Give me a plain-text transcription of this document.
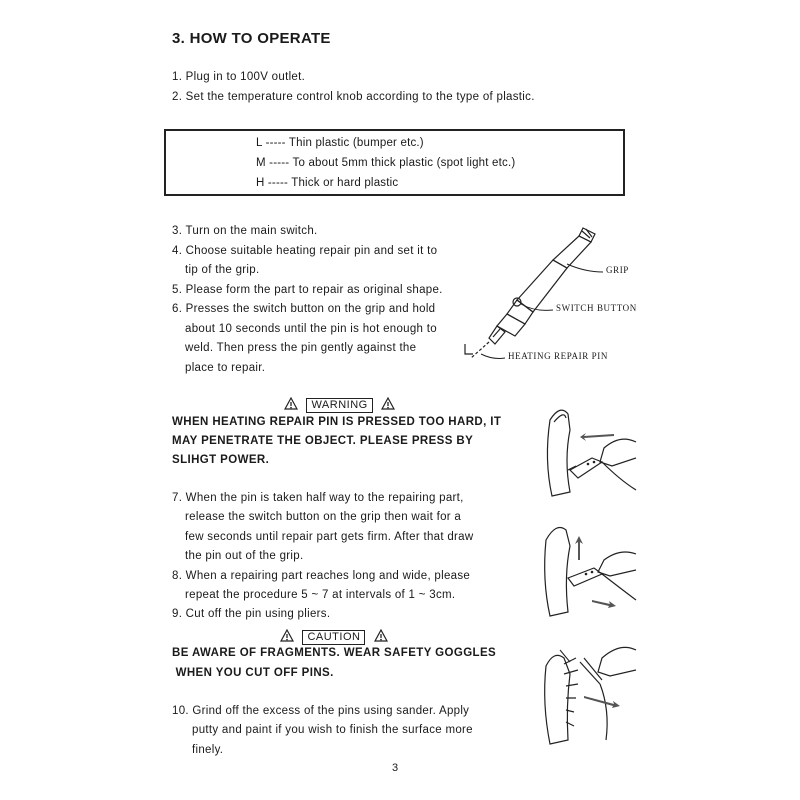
3. HOW TO OPERATE
1. Plug in to 100V outlet.
2. Set the temperature control knob according to the type of plastic.
L ----- Thin plastic (bumper etc.)
M ----- To about 5mm thick plastic (spot light etc.)
H ----- Thick or hard plastic
3. Turn on the main switch.
4. Choose suitable heating repair pin and set it to
tip of the grip.
5. Please form the part to repair as original shape.
6. Presses the switch button on the grip and hold
about 10 seconds until the pin is hot enough to
weld. Then press the pin gently against the
place to repair.
GRIP
SWITCH BUTTON
HEATING REPAIR PIN
WARNING
WHEN HEATING REPAIR PIN IS PRESSED TOO HARD, IT
MAY PENETRATE THE OBJECT. PLEASE PRESS BY
SLIHGT POWER.
7. When the pin is taken half way to the repairing part,
release the switch button on the grip then wait for a
few seconds until repair part gets firm. After that draw
the pin out of the grip.
8. When a repairing part reaches long and wide, please
repeat the procedure 5 ~ 7 at intervals of 1 ~ 3cm.
9. Cut off the pin using pliers.
CAUTION
BE AWARE OF FRAGMENTS. WEAR SAFETY GOGGLES
WHEN YOU CUT OFF PINS.
10. Grind off the excess of the pins using sander. Apply
putty and paint if you wish to finish the surface more
finely.
3
